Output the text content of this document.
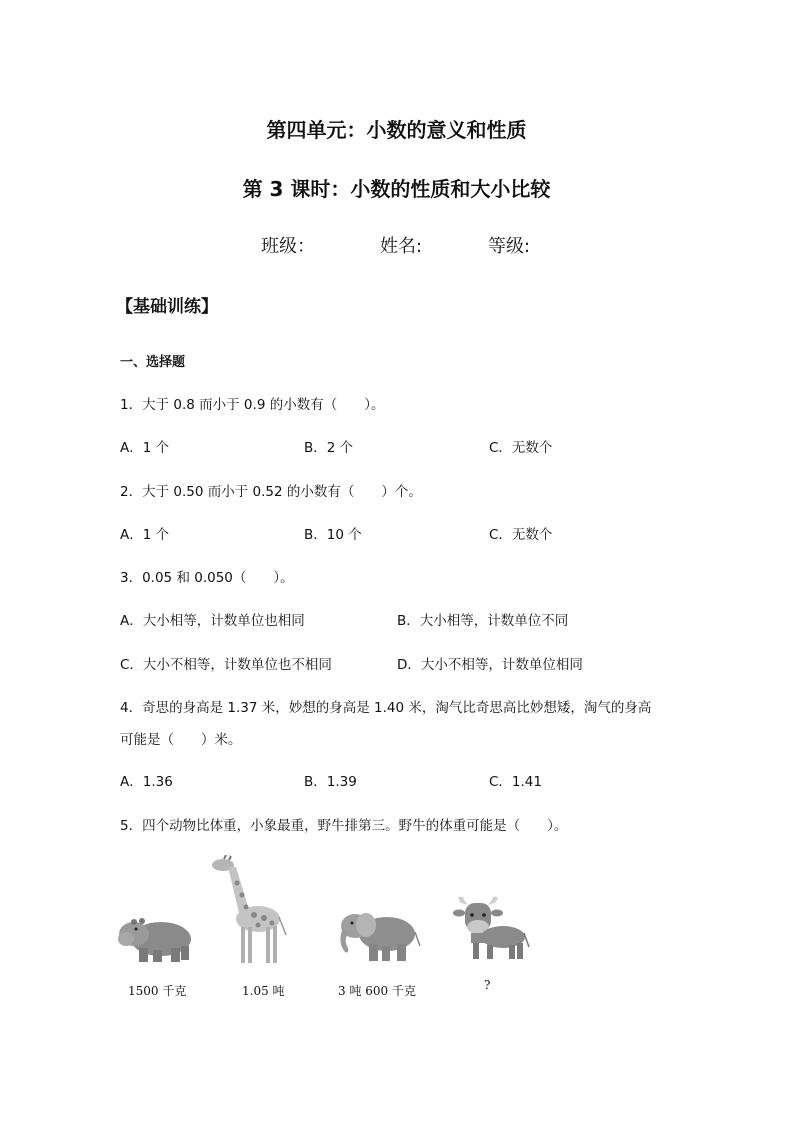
第四单元：小数的意义和性质
第 3 课时：小数的性质和大小比较
班级：	姓名:	等级:
【基础训练】
一、选择题
1．大于 0.8 而小于 0.9 的小数有（　　）。
A．1 个	B．2 个	C．无数个
2．大于 0.50 而小于 0.52 的小数有（　　）个。
A．1 个	B．10 个	C．无数个
3．0.05 和 0.050（　　）。
A．大小相等，计数单位也相同	B．大小相等，计数单位不同
C．大小不相等，计数单位也不相同	D．大小不相等，计数单位相同
4．奇思的身高是 1.37 米，妙想的身高是 1.40 米，淘气比奇思高比妙想矮，淘气的身高
可能是（　　）米。
A．1.36	B．1.39	C．1.41
5．四个动物比体重，小象最重，野牛排第三。野牛的体重可能是（　　）。
1500 千克	1.05 吨	3 吨 600 千克	?
